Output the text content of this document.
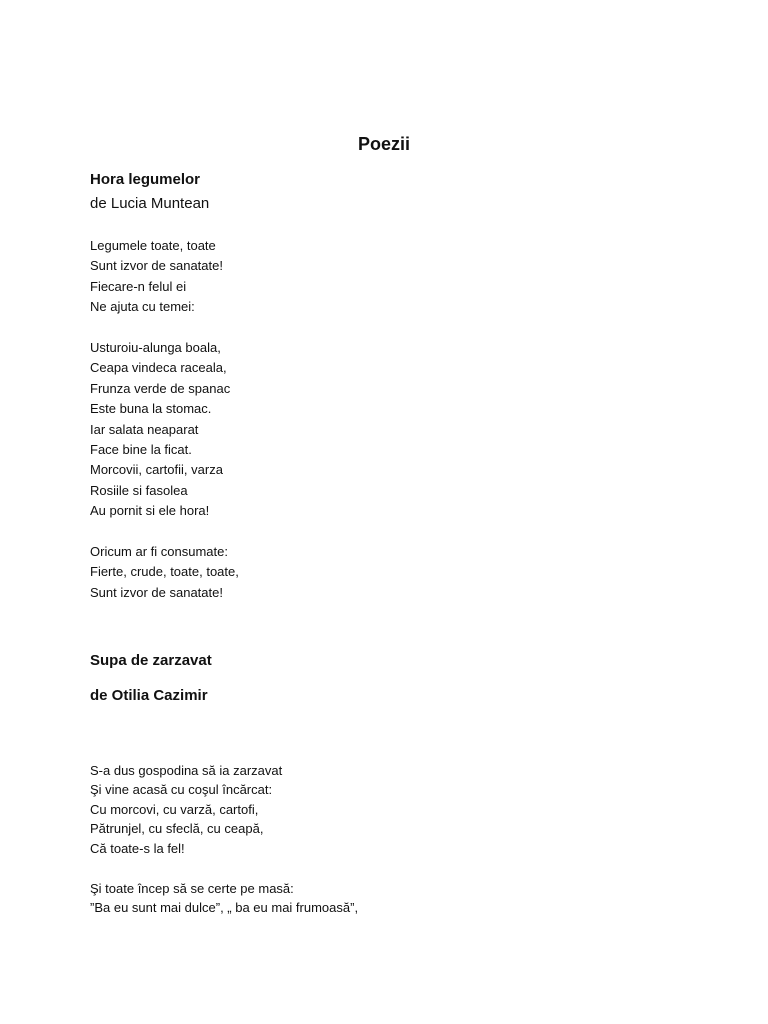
Poezii
Hora legumelor
de Lucia Muntean
Legumele toate, toate
Sunt izvor de sanatate!
Fiecare-n felul ei
Ne ajuta cu temei:
Usturoiu-alunga boala,
Ceapa vindeca raceala,
Frunza verde de spanac
Este buna la stomac.
Iar salata neaparat
Face bine la ficat.
Morcovii, cartofii, varza
Rosiile si fasolea
Au pornit si ele hora!
Oricum ar fi consumate:
Fierte, crude, toate, toate,
Sunt izvor de sanatate!
Supa de zarzavat
de Otilia Cazimir
S-a dus gospodina să ia zarzavat
Şi vine acasă cu coşul încărcat:
Cu morcovi, cu varză, cartofi,
Pătrunjel, cu sfeclă, cu ceapă,
Că toate-s la fel!
Şi toate încep să se certe pe masă:
”Ba eu sunt mai dulce”, „ ba eu mai frumoasă”,
